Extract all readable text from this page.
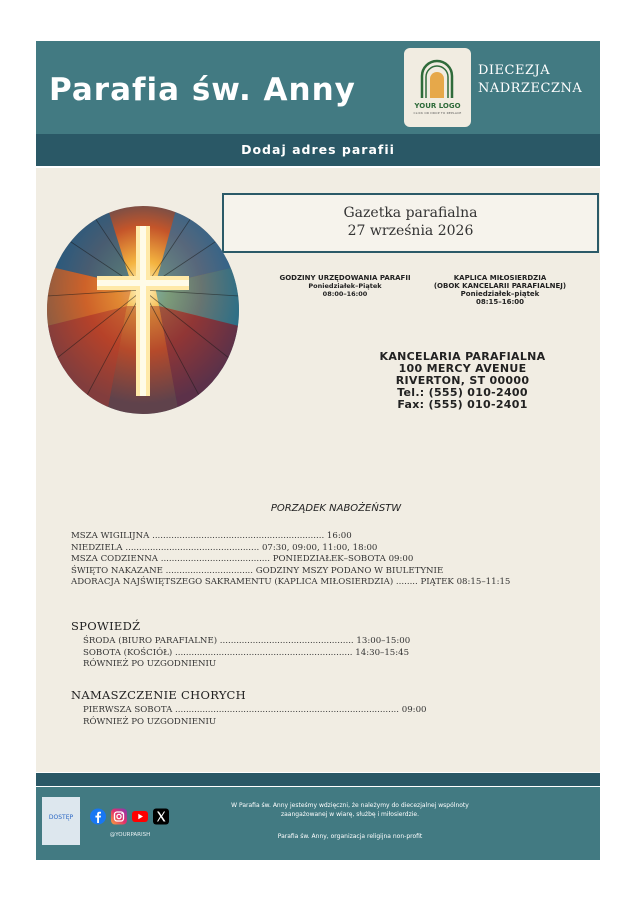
Parafia św. Anny	YOUR LOGO
CLICK OR DROP TO REPLACE
DIECEZJA
NADRZECZNA
Dodaj adres parafii
Gazetka parafialna
27 września 2026
GODZINY URZĘDOWANIA PARAFII
Poniedziałek–Piątek
08:00–16:00
KAPLICA MIŁOSIERDZIA
(OBOK KANCELARII PARAFIALNEJ)
Poniedziałek–piątek
08:15–16:00
KANCELARIA PARAFIALNA
100 MERCY AVENUE
RIVERTON, ST 00000
Tel.: (555) 010-2400
Fax: (555) 010-2401
PORZĄDEK NABOŻEŃSTW
MSZA WIGILIJNA ............................................................... 16:00
NIEDZIELA ................................................. 07:30, 09:00, 11:00, 18:00
MSZA CODZIENNA ........................................ PONIEDZIAŁEK–SOBOTA 09:00
ŚWIĘTO NAKAZANE ................................ GODZINY MSZY PODANO W BIULETYNIE
ADORACJA NAJŚWIĘTSZEGO SAKRAMENTU (KAPLICA MIŁOSIERDZIA) ........ PIĄTEK 08:15–11:15
SPOWIEDŹ
ŚRODA (BIURO PARAFIALNE) ................................................. 13:00–15:00
SOBOTA (KOŚCIÓŁ) ................................................................. 14:30–15:45
RÓWNIEŻ PO UZGODNIENIU
NAMASZCZENIE CHORYCH
PIERWSZA SOBOTA .................................................................................. 09:00
RÓWNIEŻ PO UZGODNIENIU
DOSTĘP
@YOURPARISH
W Parafia św. Anny jesteśmy wdzięczni, że należymy do diecezjalnej wspólnoty
zaangażowanej w wiarę, służbę i miłosierdzie.
Parafia św. Anny, organizacja religijna non-profit
